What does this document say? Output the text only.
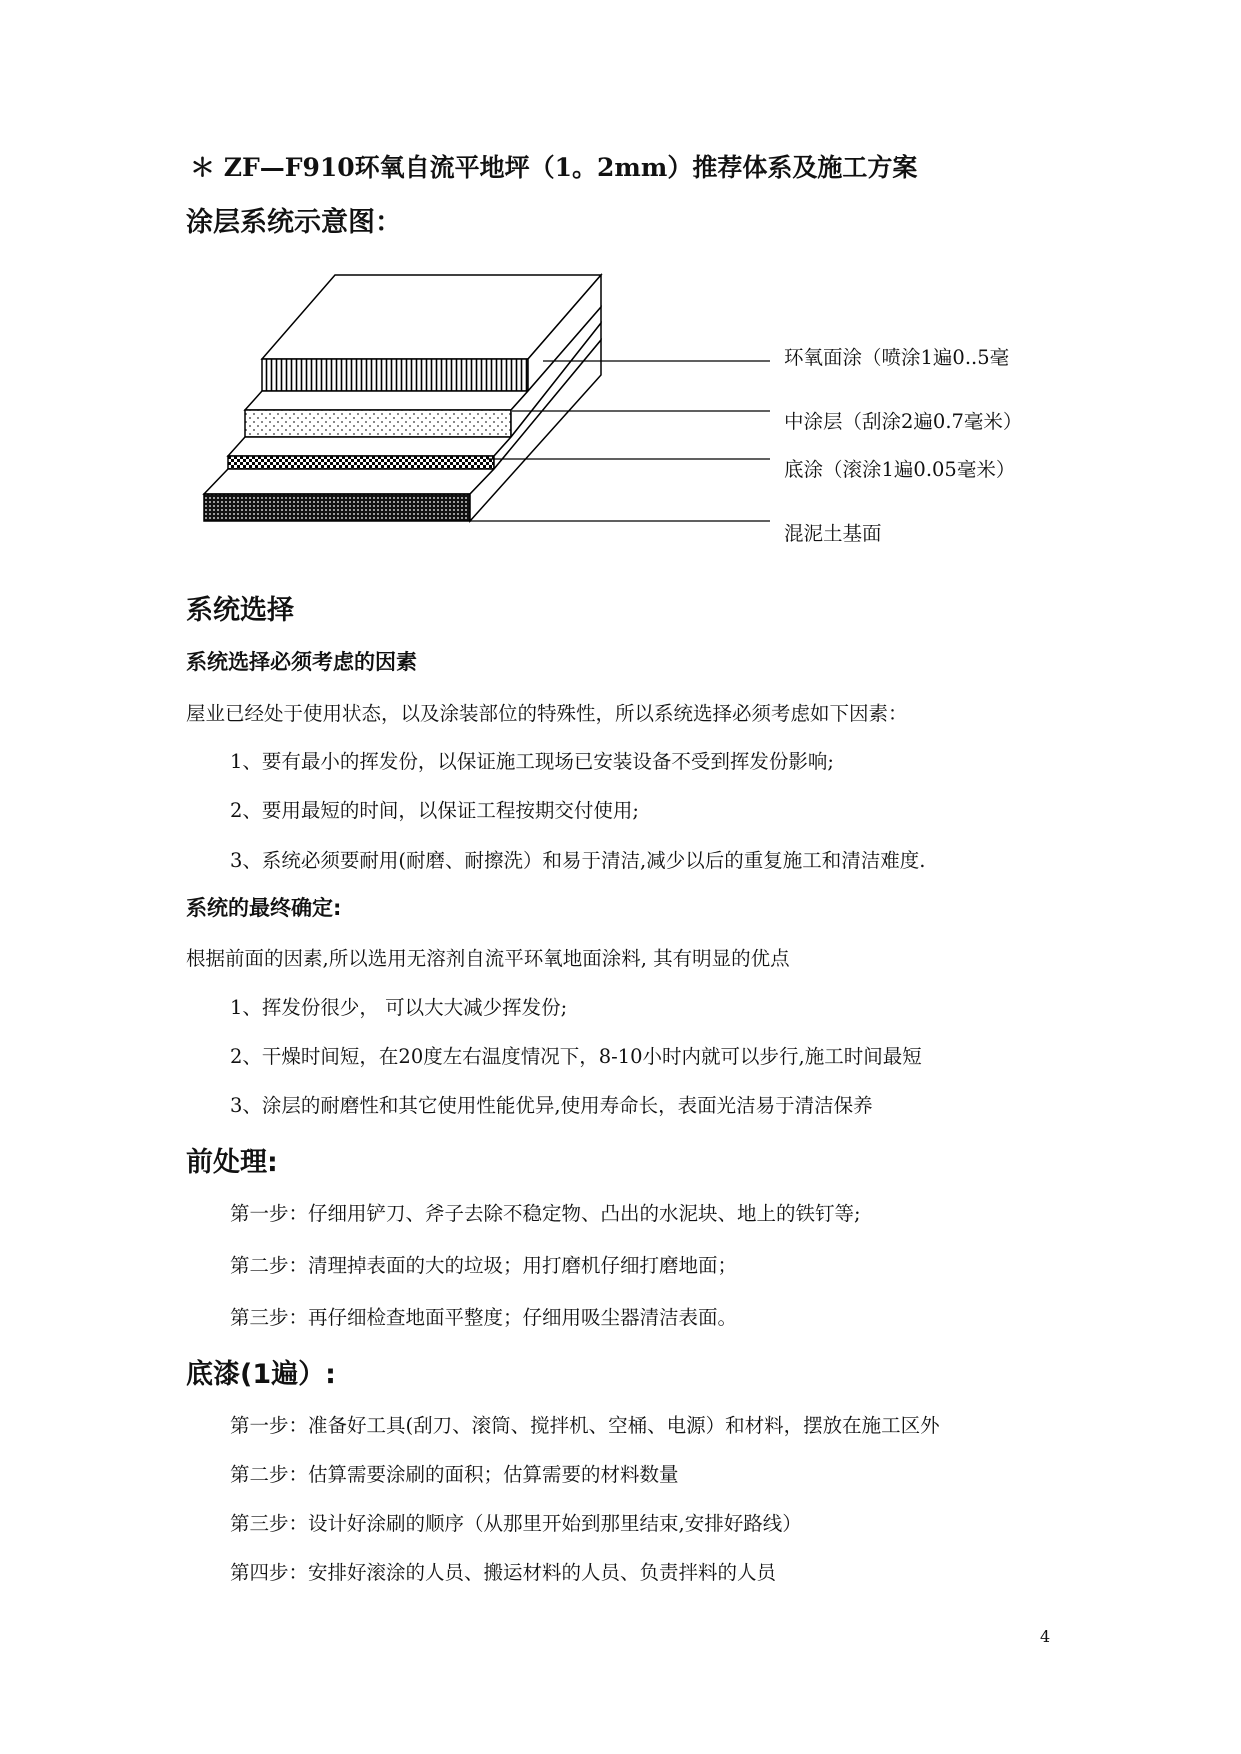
＊ ZF—F910环氧自流平地坪（1。2mm）推荐体系及施工方案
涂层系统示意图：
环氧面涂（喷涂1遍0..5毫
中涂层（刮涂2遍0.7毫米）
底涂（滚涂1遍0.05毫米）
混泥土基面
系统选择
系统选择必须考虑的因素
屋业已经处于使用状态，以及涂装部位的特殊性，所以系统选择必须考虑如下因素：
1、要有最小的挥发份，以保证施工现场已安装设备不受到挥发份影响;
2、要用最短的时间，以保证工程按期交付使用;
3、系统必须要耐用(耐磨、耐擦洗）和易于清洁,减少以后的重复施工和清洁难度.
系统的最终确定:
根据前面的因素,所以选用无溶剂自流平环氧地面涂料, 其有明显的优点
1、挥发份很少， 可以大大减少挥发份;
2、干燥时间短，在20度左右温度情况下，8-10小时内就可以步行,施工时间最短
3、涂层的耐磨性和其它使用性能优异,使用寿命长，表面光洁易于清洁保养
前处理:
第一步：仔细用铲刀、斧子去除不稳定物、凸出的水泥块、地上的铁钉等;
第二步：清理掉表面的大的垃圾；用打磨机仔细打磨地面；
第三步：再仔细检查地面平整度；仔细用吸尘器清洁表面。
底漆(1遍）:
第一步：准备好工具(刮刀、滚筒、搅拌机、空桶、电源）和材料，摆放在施工区外
第二步：估算需要涂刷的面积；估算需要的材料数量
第三步：设计好涂刷的顺序（从那里开始到那里结束,安排好路线）
第四步：安排好滚涂的人员、搬运材料的人员、负责拌料的人员
4
